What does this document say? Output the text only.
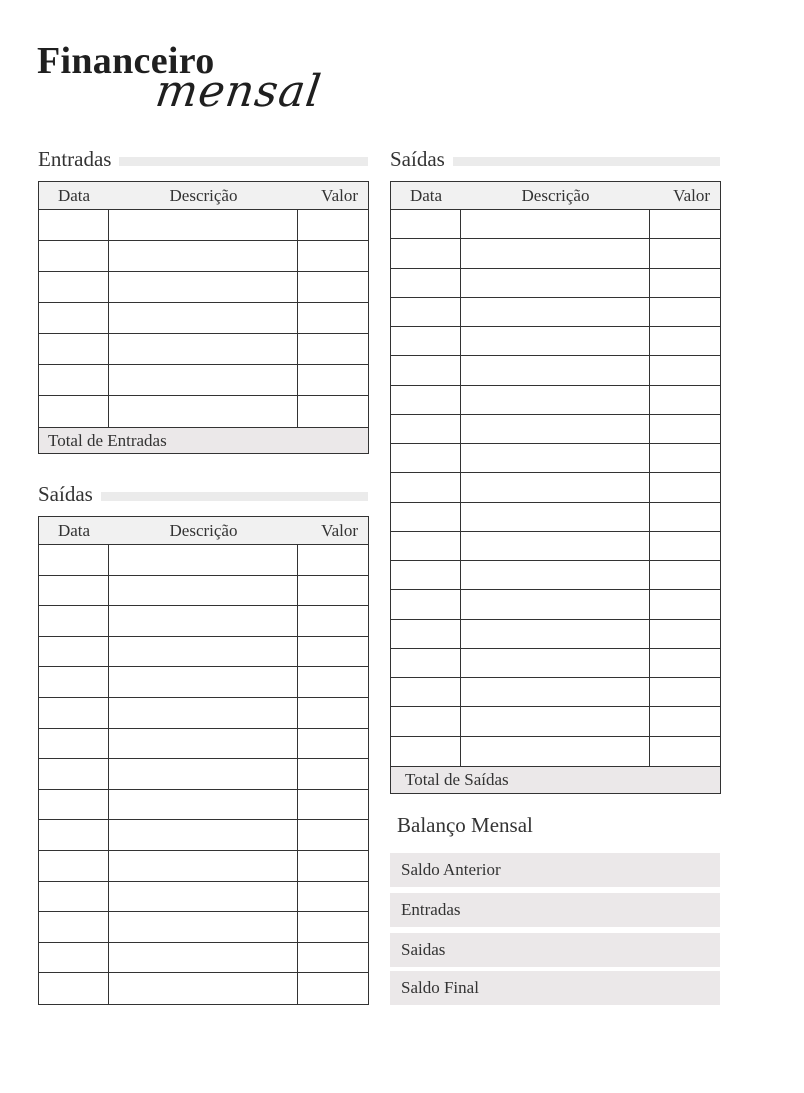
Financeiro
mensal
Entradas
Data	Descrição	Valor
Total de Entradas
Saídas
Data	Descrição	Valor
Saídas
Data	Descrição	Valor
Total de Saídas
Balanço Mensal
Saldo Anterior
Entradas
Saidas
Saldo Final
